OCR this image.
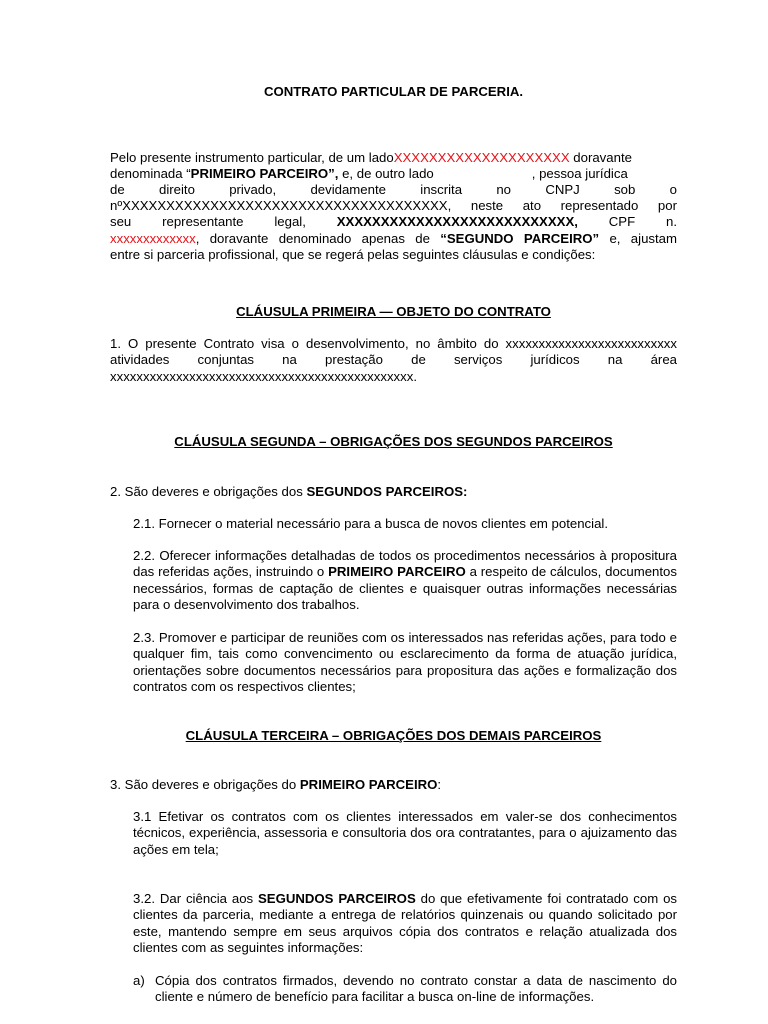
CONTRATO PARTICULAR DE PARCERIA.
Pelo presente instrumento particular, de um ladoXXXXXXXXXXXXXXXXXXXX doravante
denominada “PRIMEIRO PARCEIRO”, e, de outro lado	, pessoa jurídica
de direito privado, devidamente inscrita no CNPJ sob o
nºXXXXXXXXXXXXXXXXXXXXXXXXXXXXXXXXXXXXX, neste ato representado por
seu representante legal, XXXXXXXXXXXXXXXXXXXXXXXXXXX, CPF n.
xxxxxxxxxxxxx, doravante denominado apenas de “SEGUNDO PARCEIRO” e, ajustam
entre si parceria profissional, que se regerá pelas seguintes cláusulas e condições:
CLÁUSULA PRIMEIRA — OBJETO DO CONTRATO
1. O presente Contrato visa o desenvolvimento, no âmbito do xxxxxxxxxxxxxxxxxxxxxxxxxx atividades conjuntas na prestação de serviços jurídicos na área xxxxxxxxxxxxxxxxxxxxxxxxxxxxxxxxxxxxxxxxxxxxxx.
CLÁUSULA SEGUNDA – OBRIGAÇÕES DOS SEGUNDOS PARCEIROS
2. São deveres e obrigações dos SEGUNDOS PARCEIROS:
2.1. Fornecer o material necessário para a busca de novos clientes em potencial.
2.2. Oferecer informações detalhadas de todos os procedimentos necessários à propositura das referidas ações, instruindo o PRIMEIRO PARCEIRO a respeito de cálculos, documentos necessários, formas de captação de clientes e quaisquer outras informações necessárias para o desenvolvimento dos trabalhos.
2.3. Promover e participar de reuniões com os interessados nas referidas ações, para todo e qualquer fim, tais como convencimento ou esclarecimento da forma de atuação jurídica, orientações sobre documentos necessários para propositura das ações e formalização dos contratos com os respectivos clientes;
CLÁUSULA TERCEIRA – OBRIGAÇÕES DOS DEMAIS PARCEIROS
3. São deveres e obrigações do PRIMEIRO PARCEIRO:
3.1 Efetivar os contratos com os clientes interessados em valer-se dos conhecimentos técnicos, experiência, assessoria e consultoria dos ora contratantes, para o ajuizamento das ações em tela;
3.2. Dar ciência aos SEGUNDOS PARCEIROS do que efetivamente foi contratado com os clientes da parceria, mediante a entrega de relatórios quinzenais ou quando solicitado por este, mantendo sempre em seus arquivos cópia dos contratos e relação atualizada dos clientes com as seguintes informações:
a) Cópia dos contratos firmados, devendo no contrato constar a data de nascimento do cliente e número de benefício para facilitar a busca on-line de informações.
